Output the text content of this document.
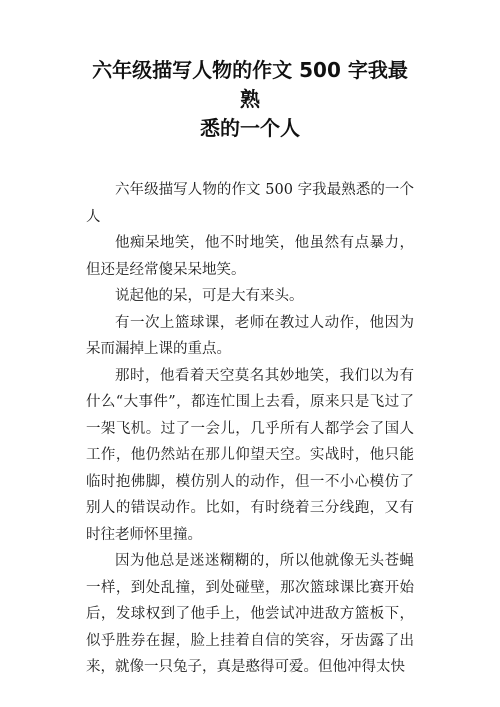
六年级描写人物的作文 500 字我最熟
悉的一个人

六年级描写人物的作文 500 字我最熟悉的一个人

他痴呆地笑，他不时地笑，他虽然有点暴力，但还是经常傻呆呆地笑。

说起他的呆，可是大有来头。

有一次上篮球课，老师在教过人动作，他因为呆而漏掉上课的重点。

那时，他看着天空莫名其妙地笑，我们以为有什么“大事件”，都连忙围上去看，原来只是飞过了一架飞机。过了一会儿，几乎所有人都学会了国人工作，他仍然站在那儿仰望天空。实战时，他只能临时抱佛脚，模仿别人的动作，但一不小心模仿了别人的错误动作。比如，有时绕着三分线跑，又有时往老师怀里撞。

因为他总是迷迷糊糊的，所以他就像无头苍蝇一样，到处乱撞，到处碰壁，那次篮球课比赛开始后，发球权到了他手上，他尝试冲进敌方篮板下，似乎胜券在握，脸上挂着自信的笑容，牙齿露了出来，就像一只兔子，真是憨得可爱。但他冲得太快
